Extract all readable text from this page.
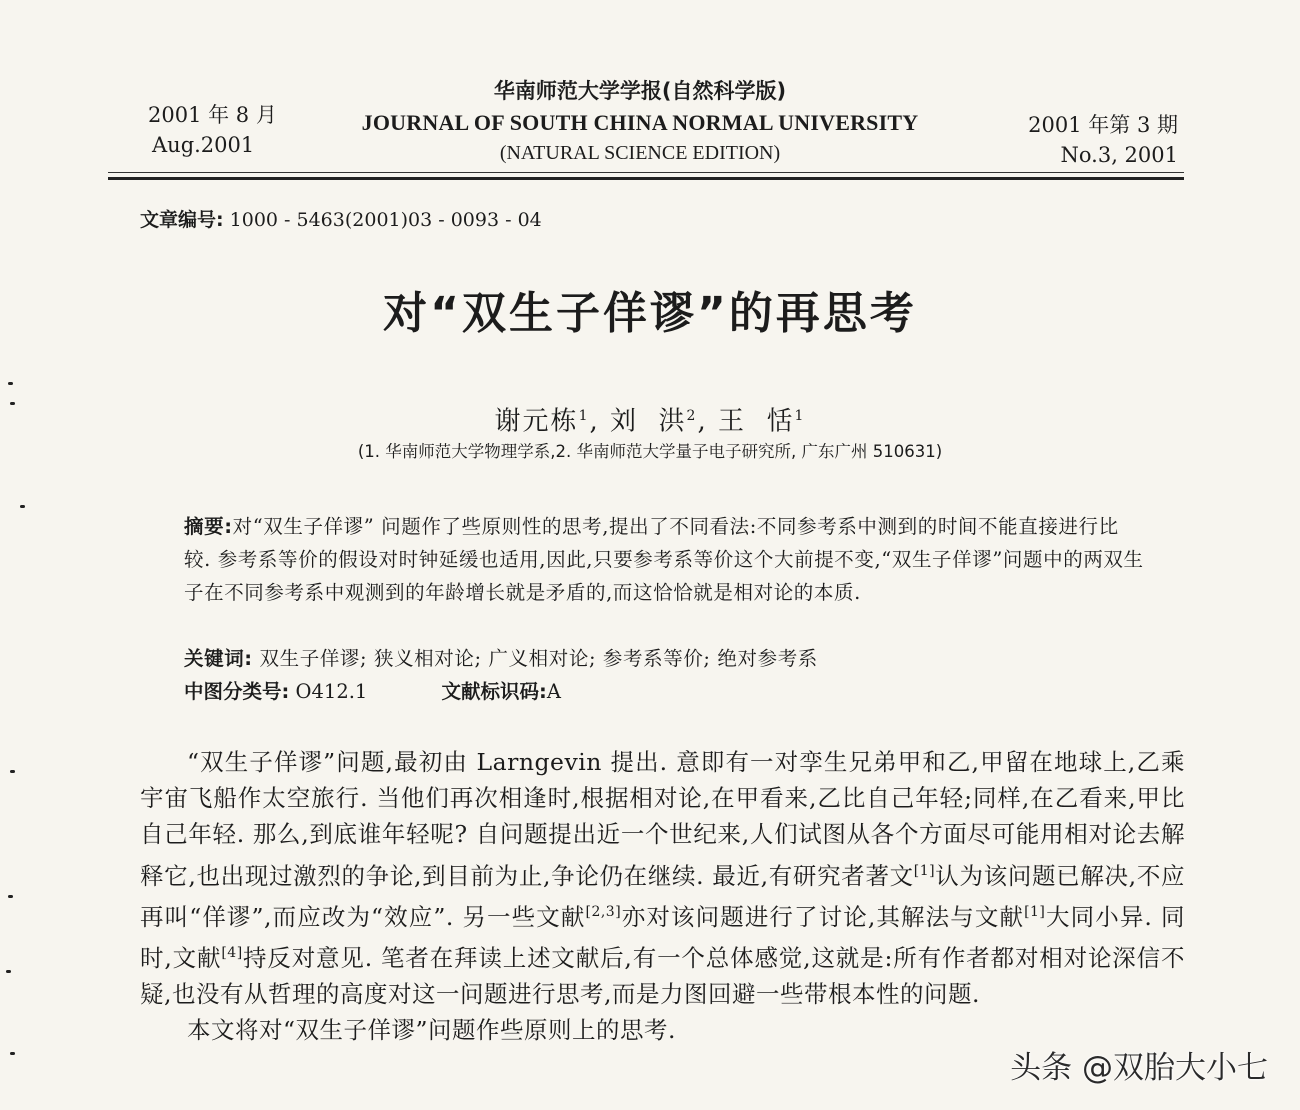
2001 年 8 月
Aug.2001
华南师范大学学报(自然科学版)
JOURNAL OF SOUTH CHINA NORMAL UNIVERSITY
(NATURAL SCIENCE EDITION)
2001 年第 3 期
No.3, 2001
文章编号: 1000 - 5463(2001)03 - 0093 - 04
对“双生子佯谬”的再思考
谢元栋$^1$, 刘  洪$^2$, 王  恬$^1$
(1. 华南师范大学物理学系,2. 华南师范大学量子电子研究所, 广东广州 510631)
摘要:对“双生子佯谬” 问题作了些原则性的思考,提出了不同看法:不同参考系中测到的时间不能直接进行比较. 参考系等价的假设对时钟延缓也适用,因此,只要参考系等价这个大前提不变,“双生子佯谬”问题中的两双生子在不同参考系中观测到的年龄增长就是矛盾的,而这恰恰就是相对论的本质.
关键词: 双生子佯谬; 狭义相对论; 广义相对论; 参考系等价; 绝对参考系
中图分类号: O412.1	文献标识码:A

“双生子佯谬”问题,最初由 Larngevin 提出. 意即有一对孪生兄弟甲和乙,甲留在地球上,乙乘宇宙飞船作太空旅行. 当他们再次相逢时,根据相对论,在甲看来,乙比自己年轻;同样,在乙看来,甲比自己年轻. 那么,到底谁年轻呢? 自问题提出近一个世纪来,人们试图从各个方面尽可能用相对论去解释它,也出现过激烈的争论,到目前为止,争论仍在继续. 最近,有研究者著文[1]认为该问题已解决,不应再叫“佯谬”,而应改为“效应”. 另一些文献[2,3]亦对该问题进行了讨论,其解法与文献[1]大同小异. 同时,文献[4]持反对意见. 笔者在拜读上述文献后,有一个总体感觉,这就是:所有作者都对相对论深信不疑,也没有从哲理的高度对这一问题进行思考,而是力图回避一些带根本性的问题.

本文将对“双生子佯谬”问题作些原则上的思考.

头条 @双胎大小七
